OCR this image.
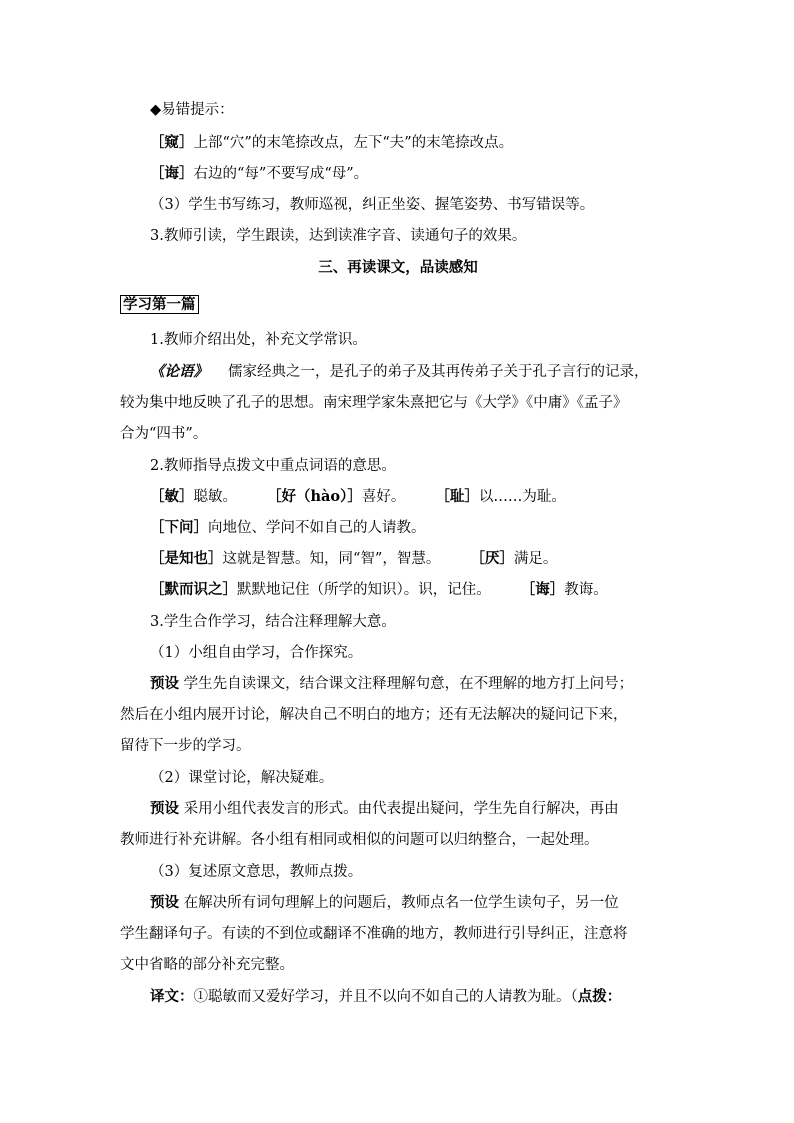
◆易错提示：
［窥］上部“穴”的末笔捺改点，左下“夫”的末笔捺改点。
［诲］右边的“每”不要写成“母”。
（3）学生书写练习，教师巡视，纠正坐姿、握笔姿势、书写错误等。
3.教师引读，学生跟读，达到读准字音、读通句子的效果。
三、再读课文，品读感知
学习第一篇
1.教师介绍出处，补充文学常识。
《论语》 儒家经典之一，是孔子的弟子及其再传弟子关于孔子言行的记录，
较为集中地反映了孔子的思想。南宋理学家朱熹把它与《大学》《中庸》《孟子》
合为“四书”。
2.教师指导点拨文中重点词语的意思。
［敏］聪敏。 ［好（hào）］喜好。 ［耻］以……为耻。
［下问］向地位、学问不如自己的人请教。
［是知也］这就是智慧。知，同“智”，智慧。 ［厌］满足。
［默而识之］默默地记住（所学的知识）。识，记住。 ［诲］教诲。
3.学生合作学习，结合注释理解大意。
（1）小组自由学习，合作探究。
预设 学生先自读课文，结合课文注释理解句意，在不理解的地方打上问号；
然后在小组内展开讨论，解决自己不明白的地方；还有无法解决的疑问记下来，
留待下一步的学习。
（2）课堂讨论，解决疑难。
预设 采用小组代表发言的形式。由代表提出疑问，学生先自行解决，再由
教师进行补充讲解。各小组有相同或相似的问题可以归纳整合，一起处理。
（3）复述原文意思，教师点拨。
预设 在解决所有词句理解上的问题后，教师点名一位学生读句子，另一位
学生翻译句子。有读的不到位或翻译不准确的地方，教师进行引导纠正，注意将
文中省略的部分补充完整。
译文：①聪敏而又爱好学习，并且不以向不如自己的人请教为耻。（点拨：
